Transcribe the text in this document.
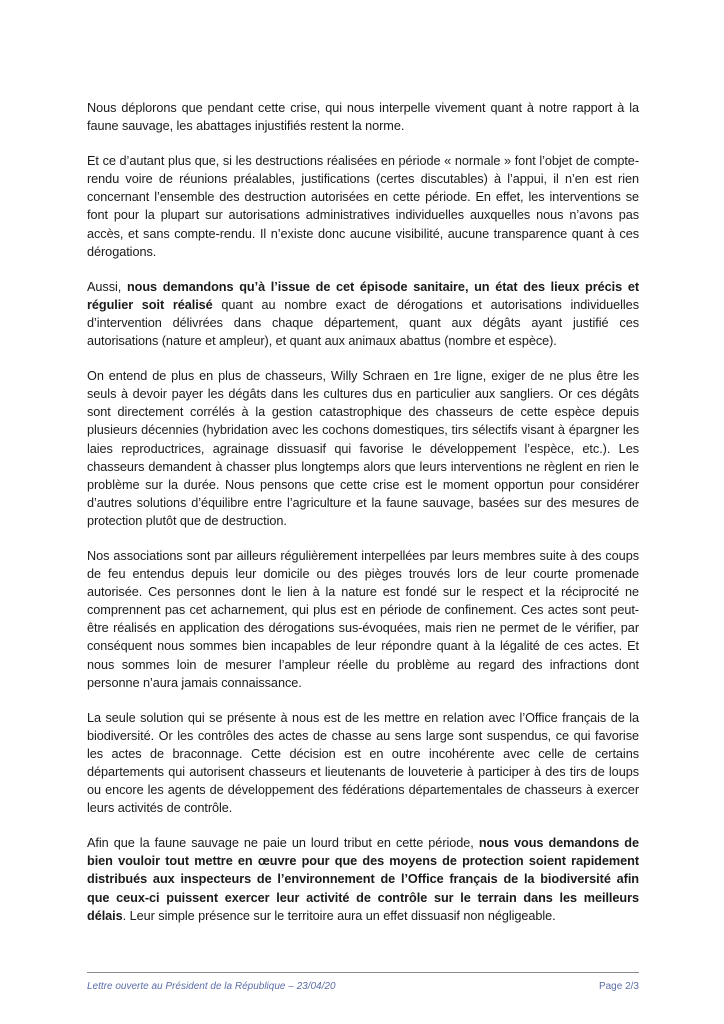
Nous déplorons que pendant cette crise, qui nous interpelle vivement quant à notre rapport à la faune sauvage, les abattages injustifiés restent la norme.

Et ce d’autant plus que, si les destructions réalisées en période « normale » font l’objet de compte-rendu voire de réunions préalables, justifications (certes discutables) à l’appui, il n’en est rien concernant l’ensemble des destruction autorisées en cette période. En effet, les interventions se font pour la plupart sur autorisations administratives individuelles auxquelles nous n’avons pas accès, et sans compte-rendu. Il n’existe donc aucune visibilité, aucune transparence quant à ces dérogations.

Aussi, nous demandons qu’à l’issue de cet épisode sanitaire, un état des lieux précis et régulier soit réalisé quant au nombre exact de dérogations et autorisations individuelles d’intervention délivrées dans chaque département, quant aux dégâts ayant justifié ces autorisations (nature et ampleur), et quant aux animaux abattus (nombre et espèce).

On entend de plus en plus de chasseurs, Willy Schraen en 1re ligne, exiger de ne plus être les seuls à devoir payer les dégâts dans les cultures dus en particulier aux sangliers. Or ces dégâts sont directement corrélés à la gestion catastrophique des chasseurs de cette espèce depuis plusieurs décennies (hybridation avec les cochons domestiques, tirs sélectifs visant à épargner les laies reproductrices, agrainage dissuasif qui favorise le développement l’espèce, etc.). Les chasseurs demandent à chasser plus longtemps alors que leurs interventions ne règlent en rien le problème sur la durée. Nous pensons que cette crise est le moment opportun pour considérer d’autres solutions d’équilibre entre l’agriculture et la faune sauvage, basées sur des mesures de protection plutôt que de destruction.

Nos associations sont par ailleurs régulièrement interpellées par leurs membres suite à des coups de feu entendus depuis leur domicile ou des pièges trouvés lors de leur courte promenade autorisée. Ces personnes dont le lien à la nature est fondé sur le respect et la réciprocité ne comprennent pas cet acharnement, qui plus est en période de confinement. Ces actes sont peut-être réalisés en application des dérogations sus-évoquées, mais rien ne permet de le vérifier, par conséquent nous sommes bien incapables de leur répondre quant à la légalité de ces actes. Et nous sommes loin de mesurer l’ampleur réelle du problème au regard des infractions dont personne n’aura jamais connaissance.

La seule solution qui se présente à nous est de les mettre en relation avec l’Office français de la biodiversité. Or les contrôles des actes de chasse au sens large sont suspendus, ce qui favorise les actes de braconnage. Cette décision est en outre incohérente avec celle de certains départements qui autorisent chasseurs et lieutenants de louveterie à participer à des tirs de loups ou encore les agents de développement des fédérations départementales de chasseurs à exercer leurs activités de contrôle.

Afin que la faune sauvage ne paie un lourd tribut en cette période, nous vous demandons de bien vouloir tout mettre en œuvre pour que des moyens de protection soient rapidement distribués aux inspecteurs de l’environnement de l’Office français de la biodiversité afin que ceux-ci puissent exercer leur activité de contrôle sur le terrain dans les meilleurs délais. Leur simple présence sur le territoire aura un effet dissuasif non négligeable.

Lettre ouverte au Président de la République – 23/04/20	Page 2/3
